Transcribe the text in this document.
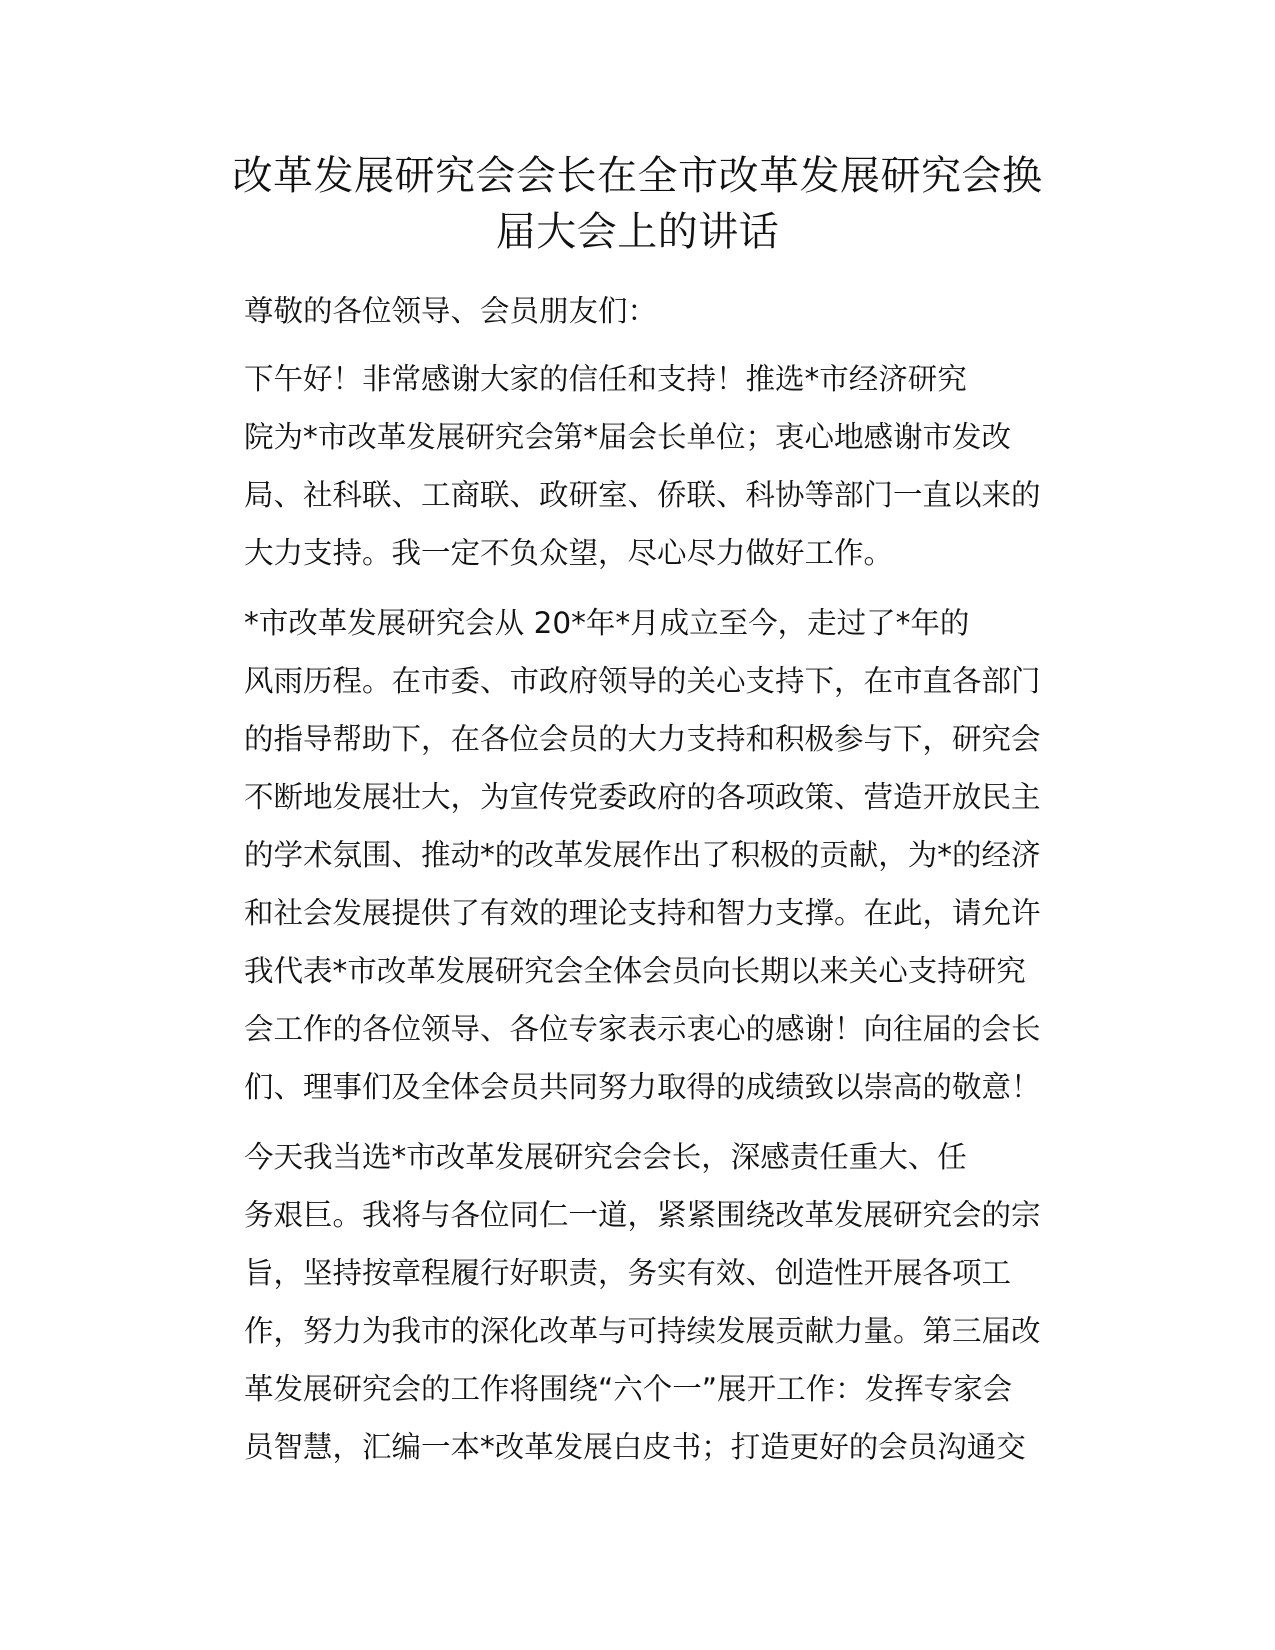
改革发展研究会会长在全市改革发展研究会换
届大会上的讲话

尊敬的各位领导、会员朋友们：

下午好！非常感谢大家的信任和支持！推选*市经济研究
院为*市改革发展研究会第*届会长单位；衷心地感谢市发改
局、社科联、工商联、政研室、侨联、科协等部门一直以来的
大力支持。我一定不负众望，尽心尽力做好工作。

*市改革发展研究会从 20*年*月成立至今，走过了*年的
风雨历程。在市委、市政府领导的关心支持下，在市直各部门
的指导帮助下，在各位会员的大力支持和积极参与下，研究会
不断地发展壮大，为宣传党委政府的各项政策、营造开放民主
的学术氛围、推动*的改革发展作出了积极的贡献，为*的经济
和社会发展提供了有效的理论支持和智力支撑。在此，请允许
我代表*市改革发展研究会全体会员向长期以来关心支持研究
会工作的各位领导、各位专家表示衷心的感谢！向往届的会长
们、理事们及全体会员共同努力取得的成绩致以崇高的敬意！

今天我当选*市改革发展研究会会长，深感责任重大、任
务艰巨。我将与各位同仁一道，紧紧围绕改革发展研究会的宗
旨，坚持按章程履行好职责，务实有效、创造性开展各项工
作，努力为我市的深化改革与可持续发展贡献力量。第三届改
革发展研究会的工作将围绕“六个一”展开工作：发挥专家会
员智慧，汇编一本*改革发展白皮书；打造更好的会员沟通交
